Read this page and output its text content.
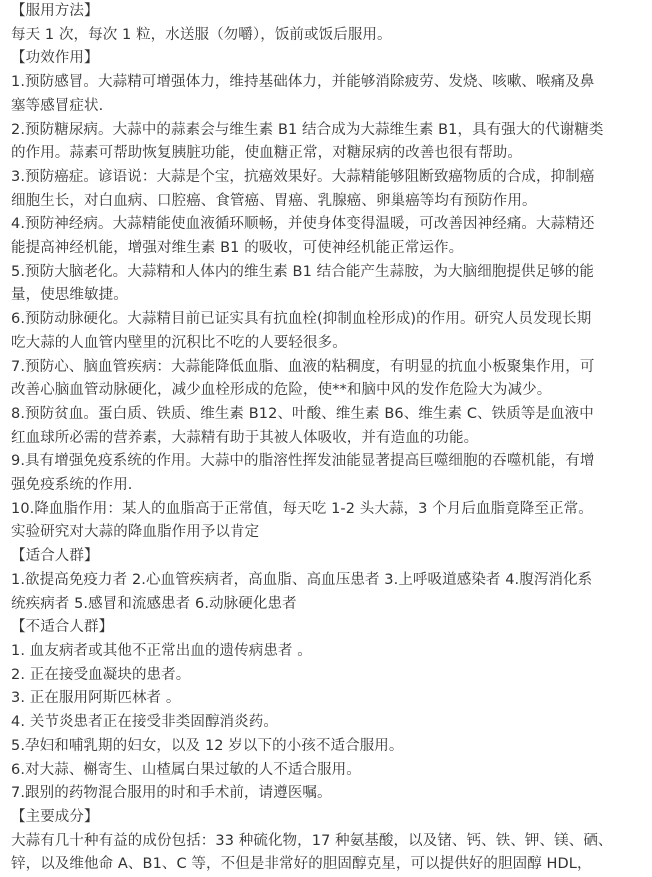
【服用方法】
每天 1 次，每次 1 粒，水送服（勿嚼），饭前或饭后服用。
【功效作用】
1.预防感冒。大蒜精可增强体力，维持基础体力，并能够消除疲劳、发烧、咳嗽、喉痛及鼻
塞等感冒症状.
2.预防糖尿病。大蒜中的蒜素会与维生素 B1 结合成为大蒜维生素 B1，具有强大的代谢糖类
的作用。蒜素可帮助恢复胰脏功能，使血糖正常，对糖尿病的改善也很有帮助。
3.预防癌症。谚语说：大蒜是个宝，抗癌效果好。大蒜精能够阻断致癌物质的合成，抑制癌
细胞生长，对白血病、口腔癌、食管癌、胃癌、乳腺癌、卵巢癌等均有预防作用。
4.预防神经病。大蒜精能使血液循环顺畅，并使身体变得温暖，可改善因神经痛。大蒜精还
能提高神经机能，增强对维生素 B1 的吸收，可使神经机能正常运作。
5.预防大脑老化。大蒜精和人体内的维生素 B1 结合能产生蒜胺，为大脑细胞提供足够的能
量，使思维敏捷。
6.预防动脉硬化。大蒜精目前已证实具有抗血栓(抑制血栓形成)的作用。研究人员发现长期
吃大蒜的人血管内壁里的沉积比不吃的人要轻很多。
7.预防心、脑血管疾病：大蒜能降低血脂、血液的粘稠度，有明显的抗血小板聚集作用，可
改善心脑血管动脉硬化，减少血栓形成的危险，使**和脑中风的发作危险大为减少。
8.预防贫血。蛋白质、铁质、维生素 B12、叶酸、维生素 B6、维生素 C、铁质等是血液中
红血球所必需的营养素，大蒜精有助于其被人体吸收，并有造血的功能。
9.具有增强免疫系统的作用。大蒜中的脂溶性挥发油能显著提高巨噬细胞的吞噬机能，有增
强免疫系统的作用.
10.降血脂作用：某人的血脂高于正常值，每天吃 1-2 头大蒜，3 个月后血脂竟降至正常。
实验研究对大蒜的降血脂作用予以肯定
【适合人群】
1.欲提高免疫力者 2.心血管疾病者，高血脂、高血压患者 3.上呼吸道感染者 4.腹泻消化系
统疾病者 5.感冒和流感患者 6.动脉硬化患者
【不适合人群】
1. 血友病者或其他不正常出血的遗传病患者 。
2. 正在接受血凝块的患者。
3. 正在服用阿斯匹林者 。
4. 关节炎患者正在接受非类固醇消炎药。
5.孕妇和哺乳期的妇女，以及 12 岁以下的小孩不适合服用。
6.对大蒜、槲寄生、山楂属白果过敏的人不适合服用。
7.跟别的药物混合服用的时和手术前，请遵医嘱。
【主要成分】
大蒜有几十种有益的成份包括：33 种硫化物，17 种氨基酸，以及锗、钙、铁、钾、镁、硒、
锌，以及维他命 A、B1、C 等，不但是非常好的胆固醇克星，可以提供好的胆固醇 HDL，
